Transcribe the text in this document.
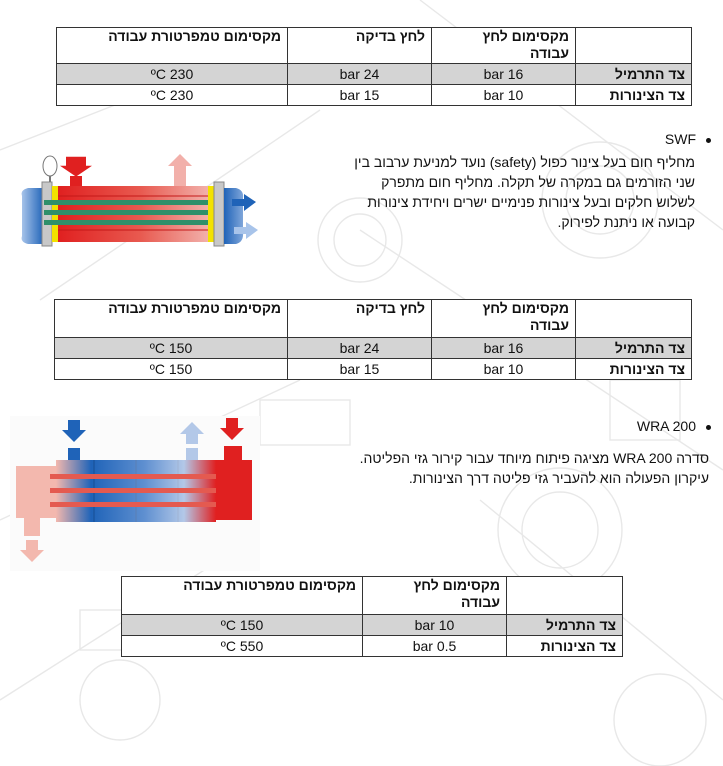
	מקסימום לחץ
עבודה	לחץ בדיקה	מקסימום טמפרטורת עבודה
צד התרמיל	16 bar	24 bar	230 ºC
צד הצינורות	10 bar	15 bar	230 ºC
SWF
מחליף חום בעל צינור כפול (safety) נועד למניעת ערבוב בין
שני הזורמים גם במקרה של תקלה. מחליף חום מתפרק
לשלוש חלקים ובעל צינורות פנימיים ישרים ויחידת צינורות
קבועה או ניתנת לפירוק.
	מקסימום לחץ
עבודה	לחץ בדיקה	מקסימום טמפרטורת עבודה
צד התרמיל	16 bar	24 bar	150 ºC
צד הצינורות	10 bar	15 bar	150 ºC
WRA 200
סדרה WRA 200 מציגה פיתוח מיוחד עבור קירור גזי הפליטה.
עיקרון הפעולה הוא להעביר גזי פליטה דרך הצינורות.
	מקסימום לחץ
עבודה	מקסימום טמפרטורת עבודה
צד התרמיל	10 bar	150 ºC
צד הצינורות	0.5 bar	550 ºC
